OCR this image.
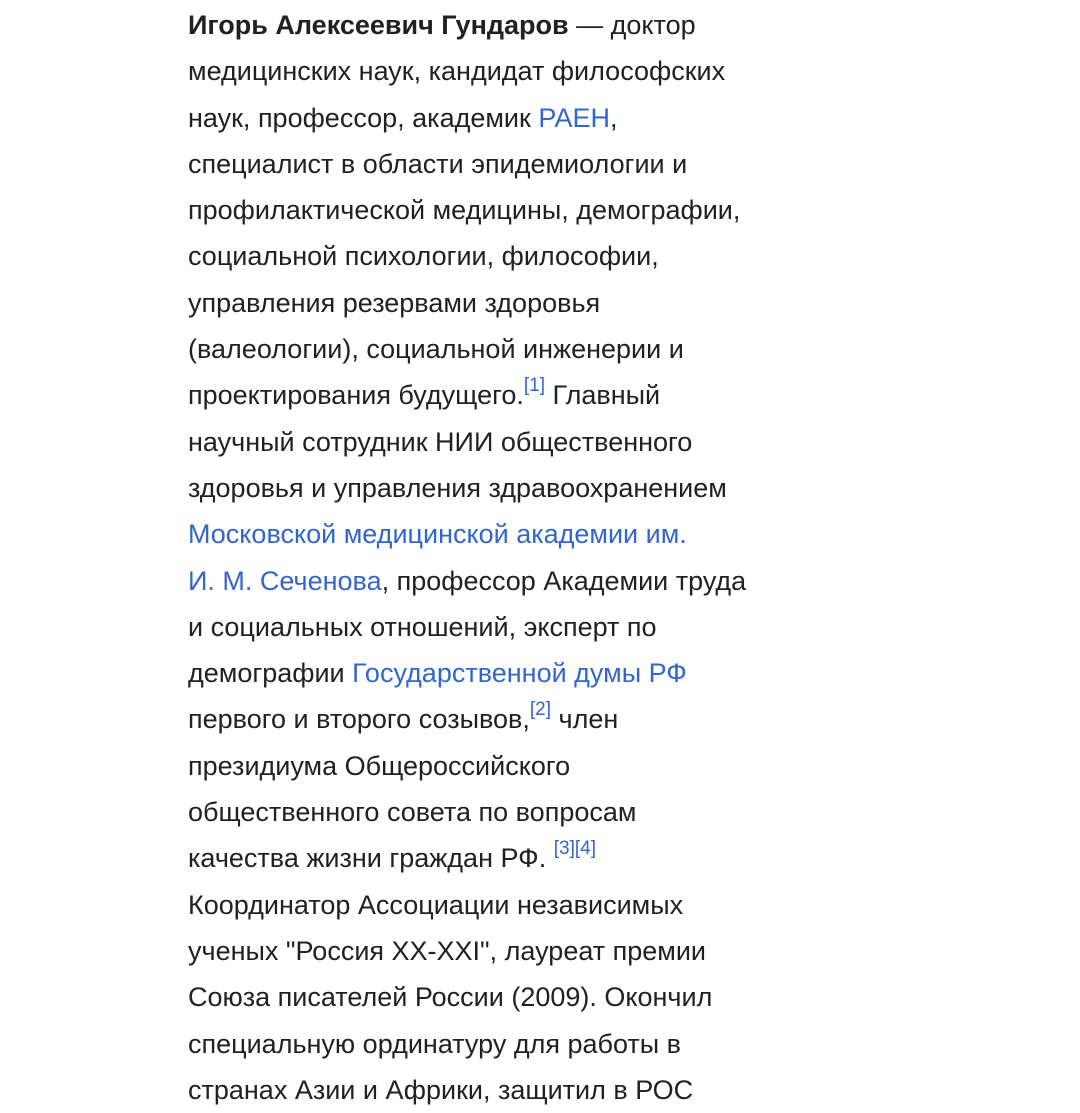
Игорь Алексеевич Гундаров — доктор
медицинских наук, кандидат философских
наук, профессор, академик РАЕН,
специалист в области эпидемиологии и
профилактической медицины, демографии,
социальной психологии, философии,
управления резервами здоровья
(валеологии), социальной инженерии и
проектирования будущего.[1] Главный
научный сотрудник НИИ общественного
здоровья и управления здравоохранением
Московской медицинской академии им.
И. М. Сеченова, профессор Академии труда
и социальных отношений, эксперт по
демографии Государственной думы РФ
первого и второго созывов,[2] член
президиума Общероссийского
общественного совета по вопросам
качества жизни граждан РФ. [3][4]
Координатор Ассоциации независимых
ученых "Россия XX-XXI", лауреат премии
Союза писателей России (2009). Окончил
специальную ординатуру для работы в
странах Азии и Африки, защитил в РОС
